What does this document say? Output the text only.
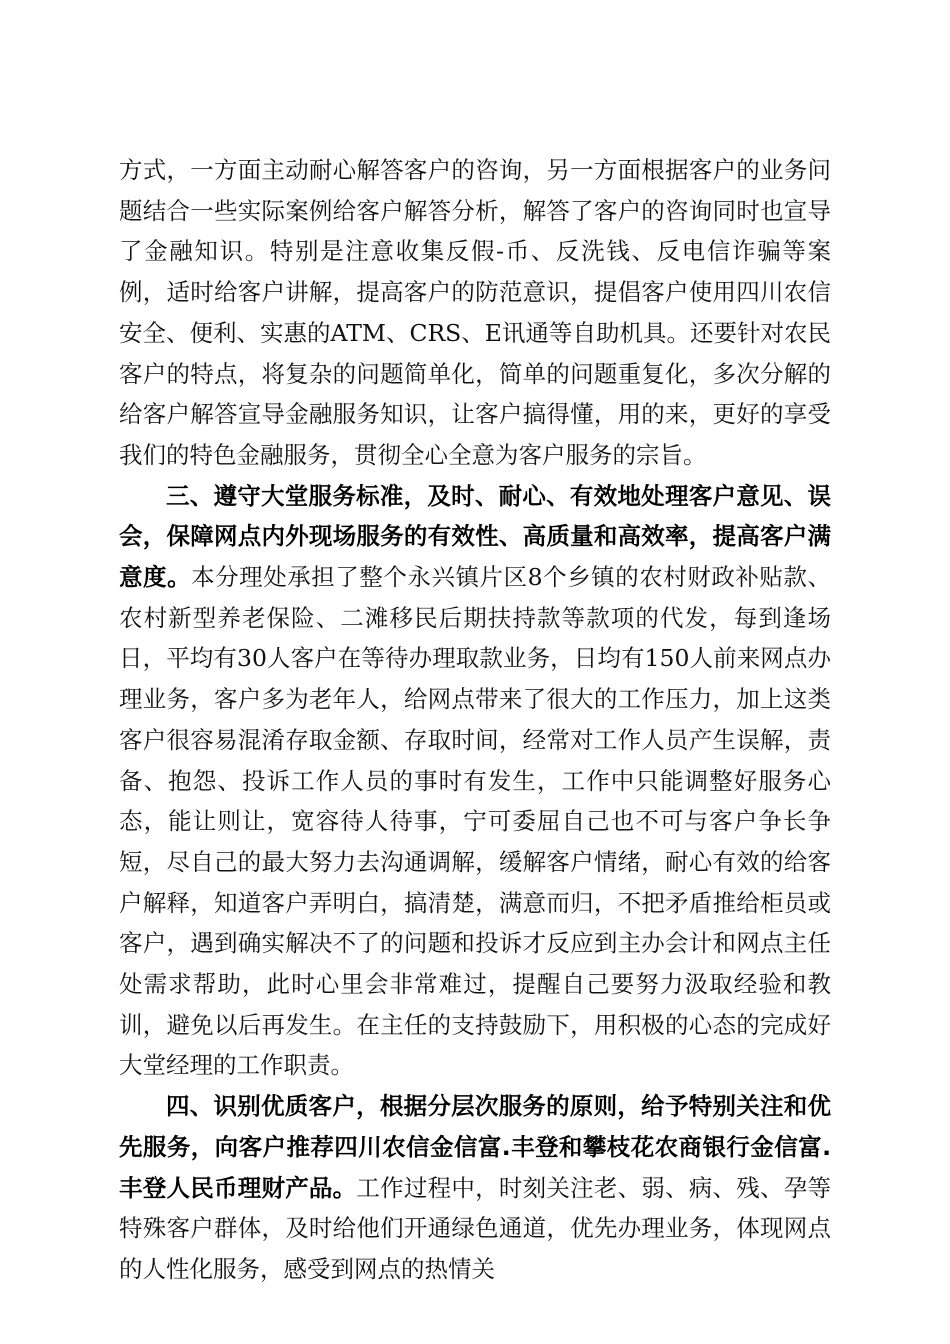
方式，一方面主动耐心解答客户的咨询，另一方面根据客户的业务问题结合一些实际案例给客户解答分析，解答了客户的咨询同时也宣导了金融知识。特别是注意收集反假-币、反洗钱、反电信诈骗等案例，适时给客户讲解，提高客户的防范意识，提倡客户使用四川农信安全、便利、实惠的ATM、CRS、E讯通等自助机具。还要针对农民客户的特点，将复杂的问题简单化，简单的问题重复化，多次分解的给客户解答宣导金融服务知识，让客户搞得懂，用的来，更好的享受我们的特色金融服务，贯彻全心全意为客户服务的宗旨。

三、遵守大堂服务标准，及时、耐心、有效地处理客户意见、误会，保障网点内外现场服务的有效性、高质量和高效率，提高客户满意度。本分理处承担了整个永兴镇片区8个乡镇的农村财政补贴款、农村新型养老保险、二滩移民后期扶持款等款项的代发，每到逢场日，平均有30人客户在等待办理取款业务，日均有150人前来网点办理业务，客户多为老年人，给网点带来了很大的工作压力，加上这类客户很容易混淆存取金额、存取时间，经常对工作人员产生误解，责备、抱怨、投诉工作人员的事时有发生，工作中只能调整好服务心态，能让则让，宽容待人待事，宁可委屈自己也不可与客户争长争短，尽自己的最大努力去沟通调解，缓解客户情绪，耐心有效的给客户解释，知道客户弄明白，搞清楚，满意而归，不把矛盾推给柜员或客户，遇到确实解决不了的问题和投诉才反应到主办会计和网点主任处需求帮助，此时心里会非常难过，提醒自己要努力汲取经验和教训，避免以后再发生。在主任的支持鼓励下，用积极的心态的完成好大堂经理的工作职责。

四、识别优质客户，根据分层次服务的原则，给予特别关注和优先服务，向客户推荐四川农信金信富.丰登和攀枝花农商银行金信富.丰登人民币理财产品。工作过程中，时刻关注老、弱、病、残、孕等特殊客户群体，及时给他们开通绿色通道，优先办理业务，体现网点的人性化服务，感受到网点的热情关
